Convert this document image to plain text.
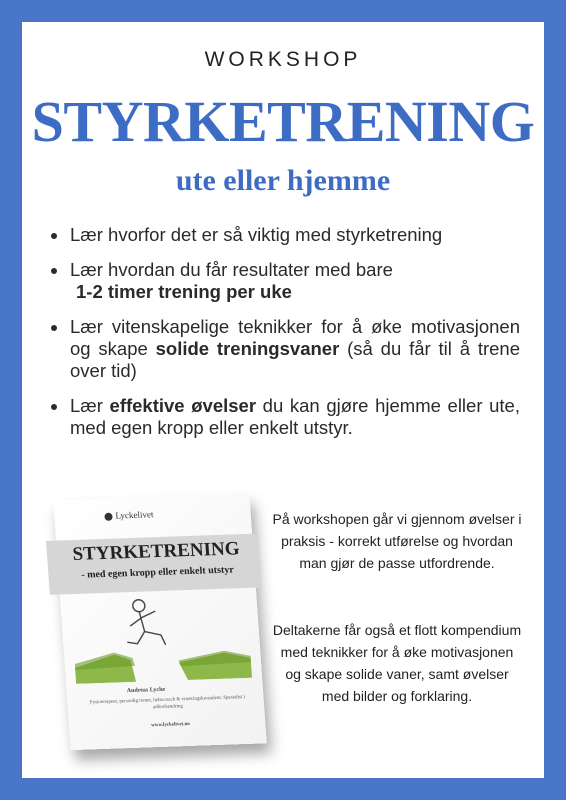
WORKSHOP
STYRKETRENING
ute eller hjemme
Lær hvorfor det er så viktig med styrketrening
Lær hvordan du får resultater med bare
1-2 timer trening per uke
Lær vitenskapelige teknikker for å øke motivasjonen og skape solide treningsvaner (så du får til å trene over tid)
Lær effektive øvelser du kan gjøre hjemme eller ute, med egen kropp eller enkelt utstyr.
Lyckelivet
STYRKETRENING
- med egen kropp eller enkelt utstyr
Andreas Lyche
Fysioterapeut, personlig trener, helsecoach & ernæringskonsulent. Spesialist i adferdsendring
www.lyckelivet.no
På workshopen går vi gjennom øvelser i praksis - korrekt utførelse og hvordan man gjør de passe utfordrende.
Deltakerne får også et flott kompendium med teknikker for å øke motivasjonen og skape solide vaner, samt øvelser med bilder og forklaring.
